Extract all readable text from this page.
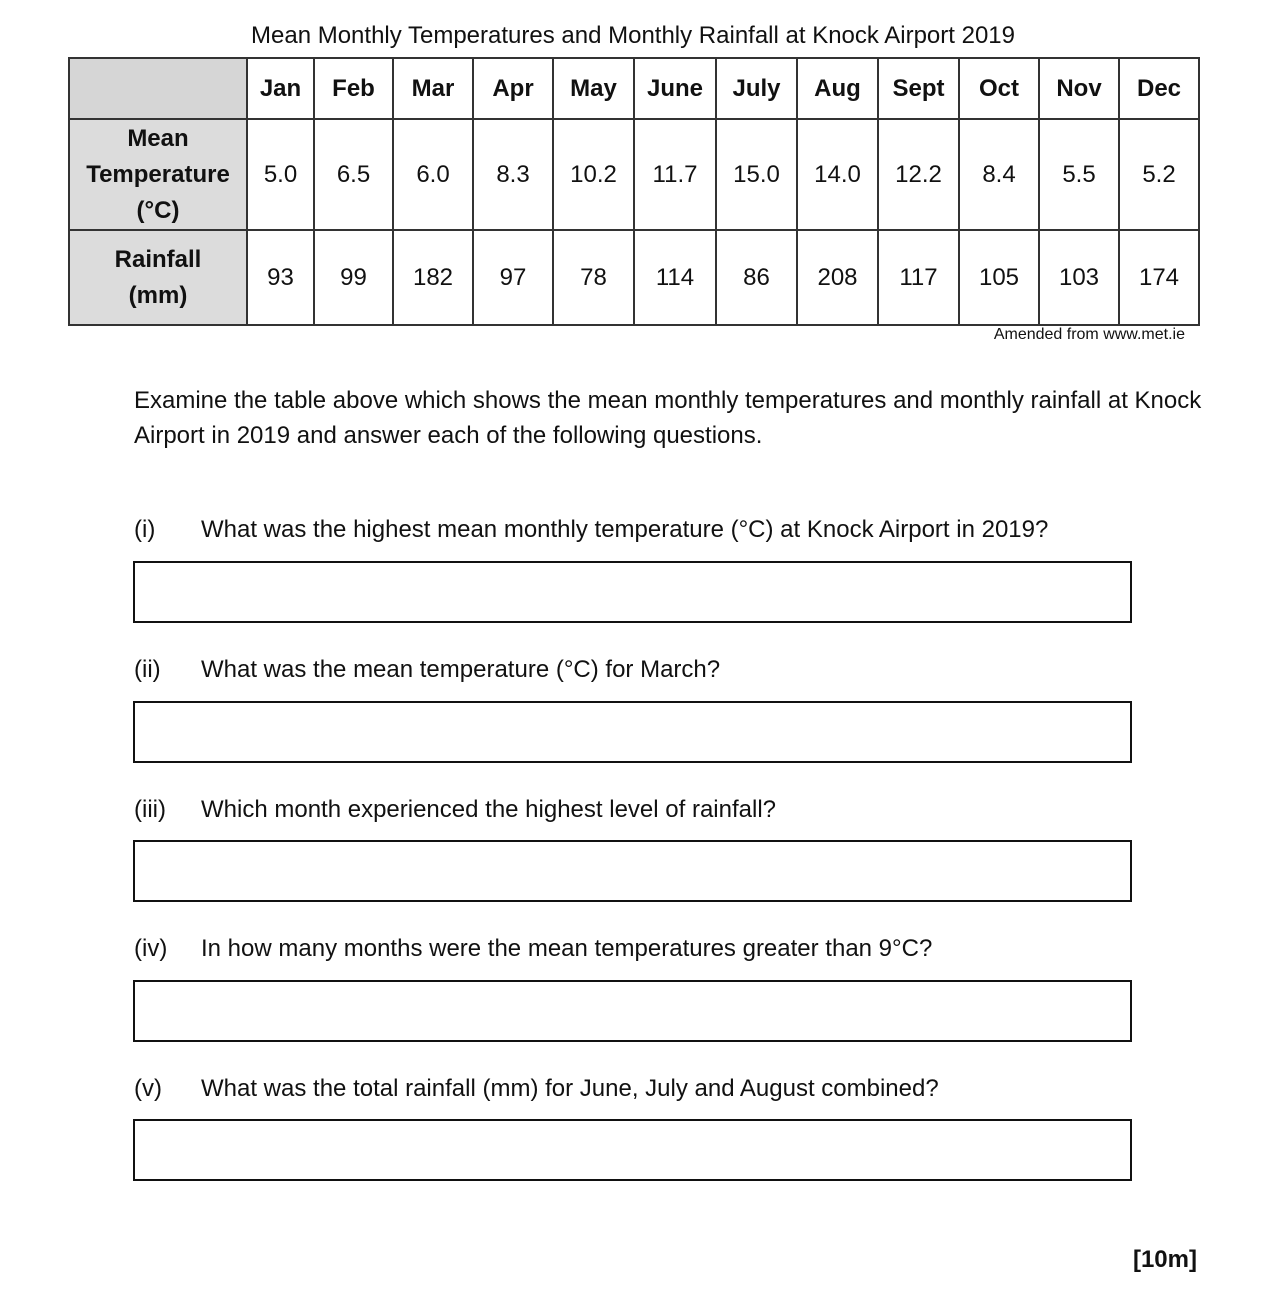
Mean Monthly Temperatures and Monthly Rainfall at Knock Airport 2019
	Jan	Feb	Mar	Apr	May	June	July	Aug	Sept	Oct	Nov	Dec

Mean
Temperature
(°C)	5.0	6.5	6.0	8.3	10.2	11.7	15.0	14.0	12.2	8.4	5.5	5.2

Rainfall
(mm)	93	99	182	97	78	114	86	208	117	105	103	174
Amended from www.met.ie

Examine the table above which shows the mean monthly temperatures and monthly rainfall at Knock Airport in 2019 and answer each of the following questions.

(i) What was the highest mean monthly temperature (°C) at Knock Airport in 2019?
(ii) What was the mean temperature (°C) for March?
(iii) Which month experienced the highest level of rainfall?
(iv) In how many months were the mean temperatures greater than 9°C?
(v) What was the total rainfall (mm) for June, July and August combined?
[10m]
